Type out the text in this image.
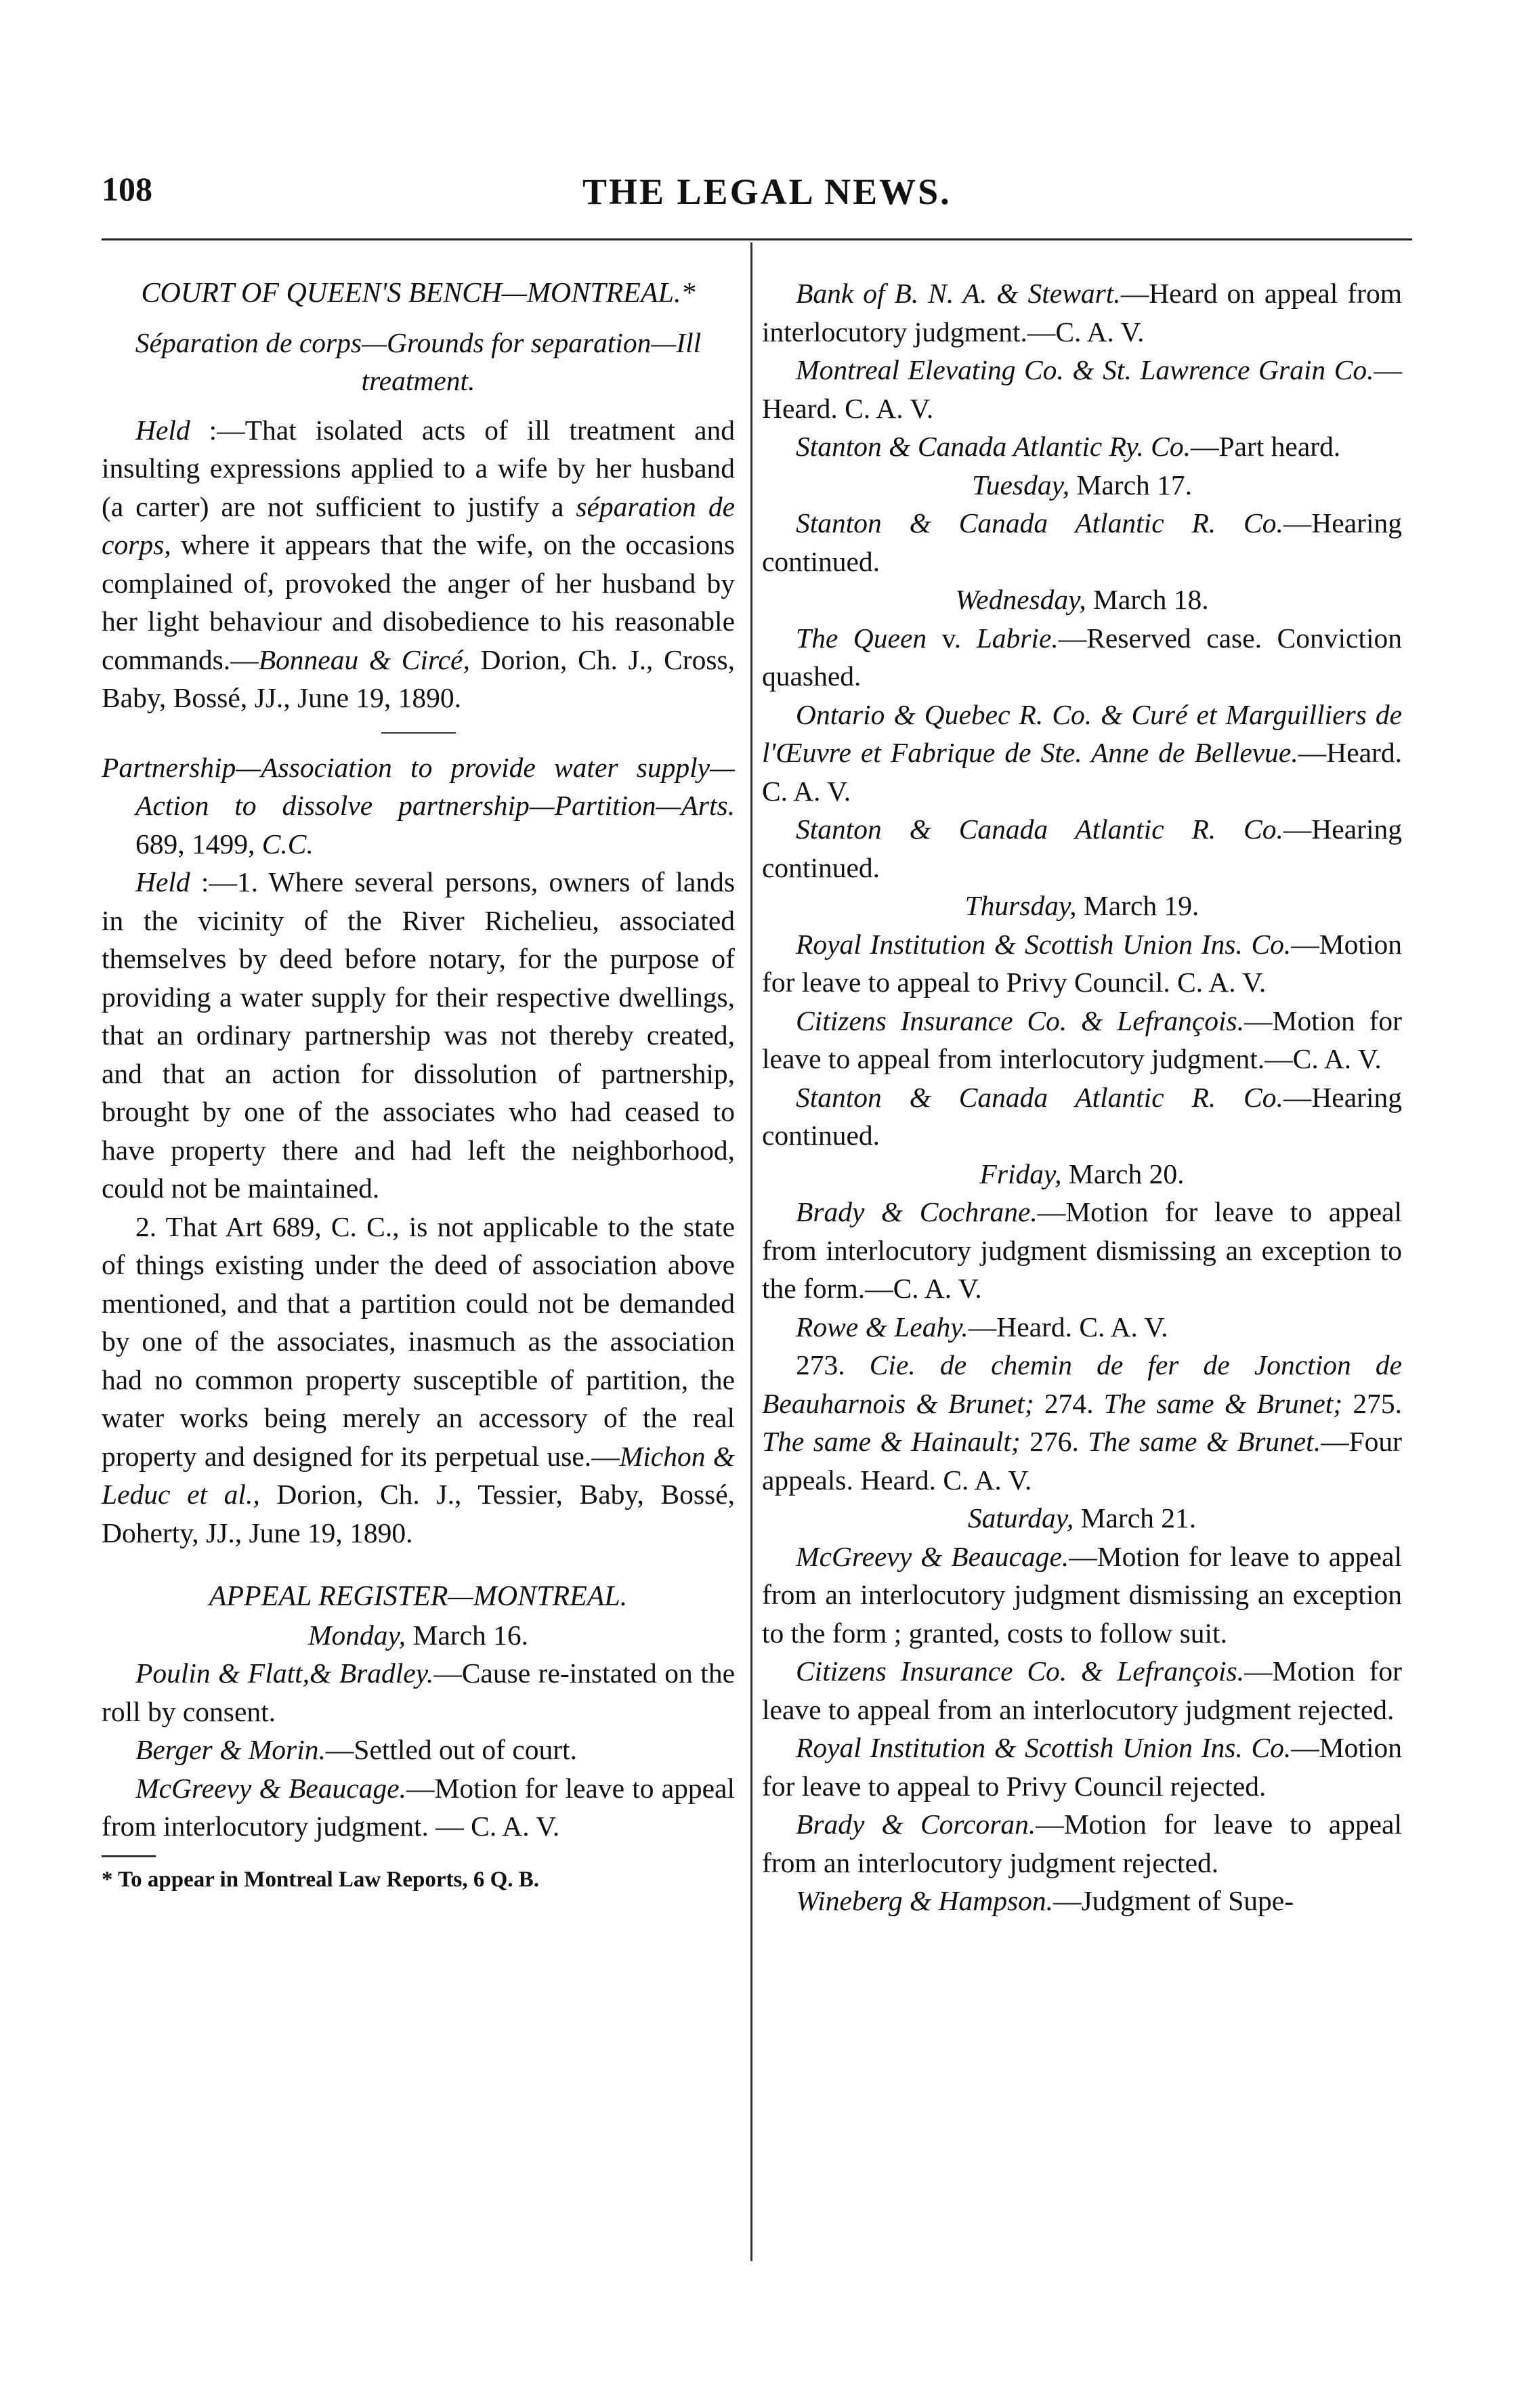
108	THE LEGAL NEWS.

COURT OF QUEEN'S BENCH—MONTREAL.*

Séparation de corps—Grounds for separation—Ill treatment.

Held :—That isolated acts of ill treatment and insulting expressions applied to a wife by her husband (a carter) are not sufficient to justify a séparation de corps, where it appears that the wife, on the occasions complained of, provoked the anger of her husband by her light behaviour and disobedience to his reasonable commands.—Bonneau & Circé, Dorion, Ch. J., Cross, Baby, Bossé, JJ., June 19, 1890.

Partnership—Association to provide water supply—Action to dissolve partnership—Partition—Arts. 689, 1499, C.C.

Held :—1. Where several persons, owners of lands in the vicinity of the River Richelieu, associated themselves by deed before notary, for the purpose of providing a water supply for their respective dwellings, that an ordinary partnership was not thereby created, and that an action for dissolution of partnership, brought by one of the associates who had ceased to have property there and had left the neighborhood, could not be maintained.

2. That Art 689, C. C., is not applicable to the state of things existing under the deed of association above mentioned, and that a partition could not be demanded by one of the associates, inasmuch as the association had no common property susceptible of partition, the water works being merely an accessory of the real property and designed for its perpetual use.—Michon & Leduc et al., Dorion, Ch. J., Tessier, Baby, Bossé, Doherty, JJ., June 19, 1890.

APPEAL REGISTER—MONTREAL.

Monday, March 16.

Poulin & Flatt,& Bradley.—Cause re-instated on the roll by consent.

Berger & Morin.—Settled out of court.

McGreevy & Beaucage.—Motion for leave to appeal from interlocutory judgment. — C. A. V.

* To appear in Montreal Law Reports, 6 Q. B.

Bank of B. N. A. & Stewart.—Heard on appeal from interlocutory judgment.—C. A. V.

Montreal Elevating Co. & St. Lawrence Grain Co.—Heard. C. A. V.

Stanton & Canada Atlantic Ry. Co.—Part heard.

Tuesday, March 17.

Stanton & Canada Atlantic R. Co.—Hearing continued.

Wednesday, March 18.

The Queen v. Labrie.—Reserved case. Conviction quashed.

Ontario & Quebec R. Co. & Curé et Marguilliers de l'Œuvre et Fabrique de Ste. Anne de Bellevue.—Heard. C. A. V.

Stanton & Canada Atlantic R. Co.—Hearing continued.

Thursday, March 19.

Royal Institution & Scottish Union Ins. Co.—Motion for leave to appeal to Privy Council. C. A. V.

Citizens Insurance Co. & Lefrançois.—Motion for leave to appeal from interlocutory judgment.—C. A. V.

Stanton & Canada Atlantic R. Co.—Hearing continued.

Friday, March 20.

Brady & Cochrane.—Motion for leave to appeal from interlocutory judgment dismissing an exception to the form.—C. A. V.

Rowe & Leahy.—Heard. C. A. V.

273. Cie. de chemin de fer de Jonction de Beauharnois & Brunet; 274. The same & Brunet; 275. The same & Hainault; 276. The same & Brunet.—Four appeals. Heard. C. A. V.

Saturday, March 21.

McGreevy & Beaucage.—Motion for leave to appeal from an interlocutory judgment dismissing an exception to the form ; granted, costs to follow suit.

Citizens Insurance Co. & Lefrançois.—Motion for leave to appeal from an interlocutory judgment rejected.

Royal Institution & Scottish Union Ins. Co.—Motion for leave to appeal to Privy Council rejected.

Brady & Corcoran.—Motion for leave to appeal from an interlocutory judgment rejected.

Wineberg & Hampson.—Judgment of Supe-
